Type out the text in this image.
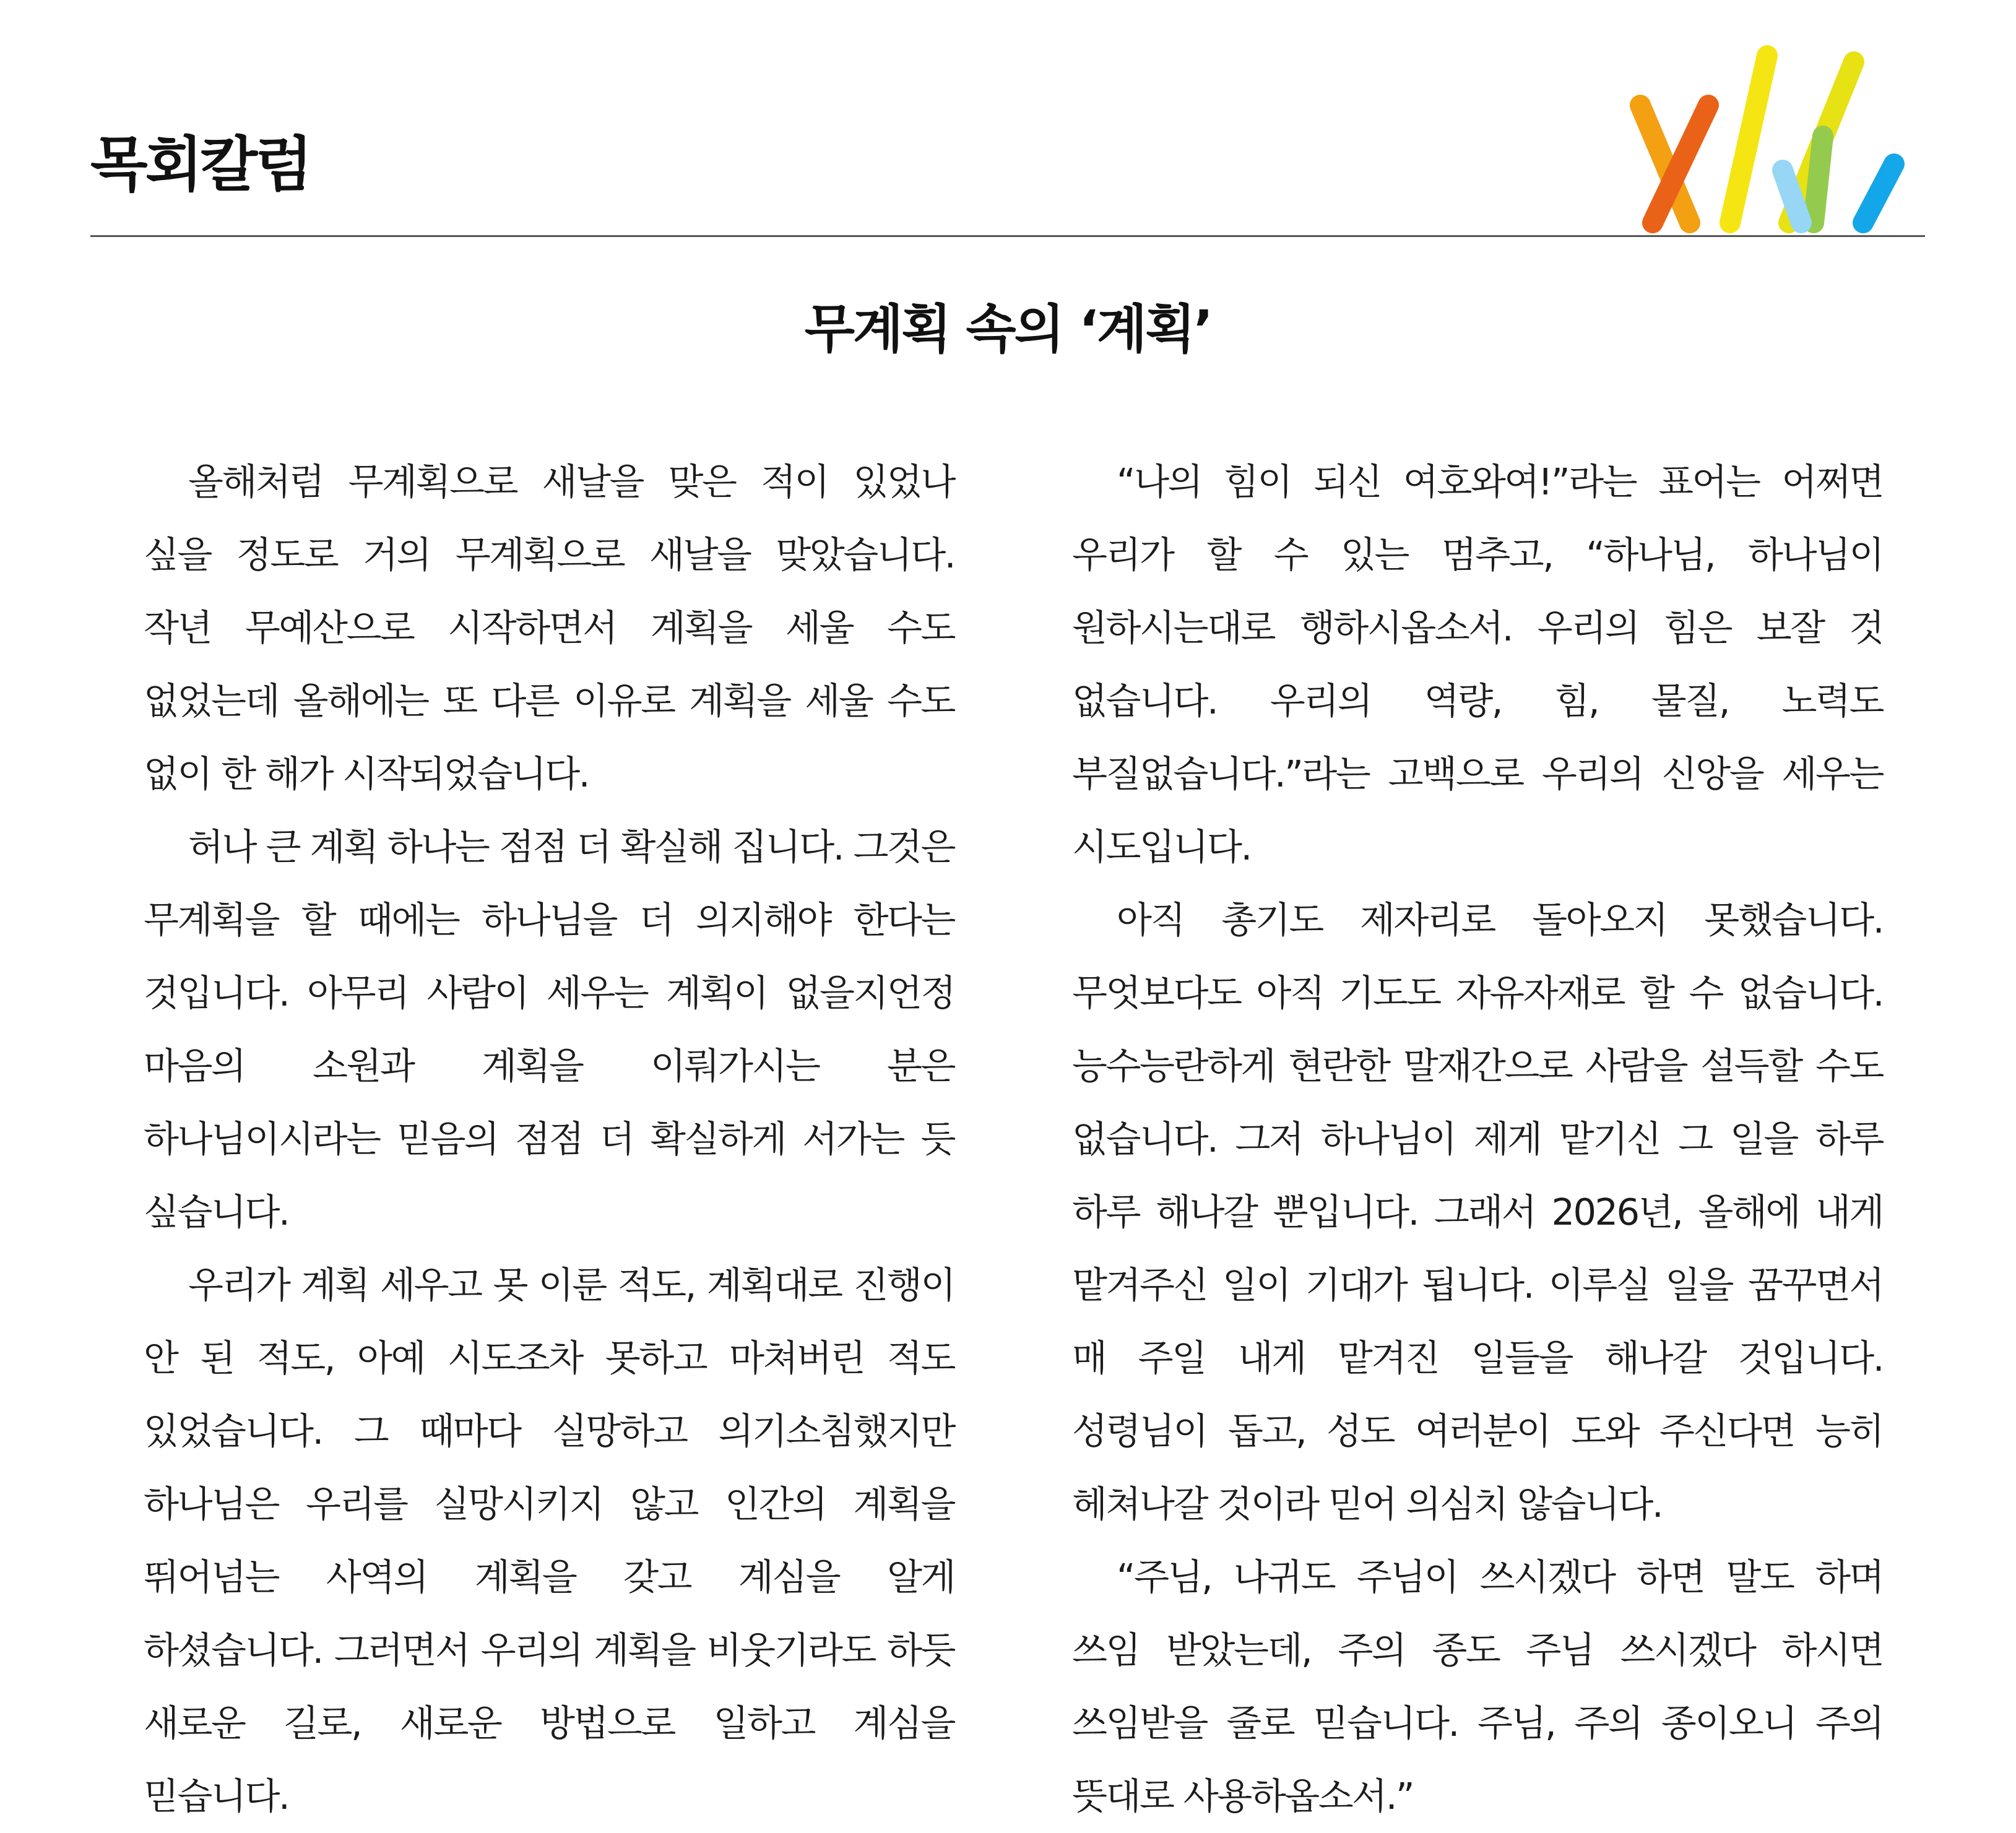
목회칼럼
무계획 속의 ‘계획’

올해처럼 무계획으로 새날을 맞은 적이 있었나 싶을 정도로 거의 무계획으로 새날을 맞았습니다. 작년 무예산으로 시작하면서 계획을 세울 수도 없었는데 올해에는 또 다른 이유로 계획을 세울 수도 없이 한 해가 시작되었습니다.

허나 큰 계획 하나는 점점 더 확실해 집니다. 그것은 무계획을 할 때에는 하나님을 더 의지해야 한다는 것입니다. 아무리 사람이 세우는 계획이 없을지언정 마음의 소원과 계획을 이뤄가시는 분은 하나님이시라는 믿음의 점점 더 확실하게 서가는 듯 싶습니다.

우리가 계획 세우고 못 이룬 적도, 계획대로 진행이 안 된 적도, 아예 시도조차 못하고 마쳐버린 적도 있었습니다. 그 때마다 실망하고 의기소침했지만 하나님은 우리를 실망시키지 않고 인간의 계획을 뛰어넘는 사역의 계획을 갖고 계심을 알게 하셨습니다. 그러면서 우리의 계획을 비웃기라도 하듯 새로운 길로, 새로운 방법으로 일하고 계심을 믿습니다.

“나의 힘이 되신 여호와여!”라는 표어는 어쩌면 우리가 할 수 있는 멈추고, “하나님, 하나님이 원하시는대로 행하시옵소서. 우리의 힘은 보잘 것 없습니다. 우리의 역량, 힘, 물질, 노력도 부질없습니다.”라는 고백으로 우리의 신앙을 세우는 시도입니다.

아직 총기도 제자리로 돌아오지 못했습니다. 무엇보다도 아직 기도도 자유자재로 할 수 없습니다. 능수능란하게 현란한 말재간으로 사람을 설득할 수도 없습니다. 그저 하나님이 제게 맡기신 그 일을 하루 하루 해나갈 뿐입니다. 그래서 2026년, 올해에 내게 맡겨주신 일이 기대가 됩니다. 이루실 일을 꿈꾸면서 매 주일 내게 맡겨진 일들을 해나갈 것입니다. 성령님이 돕고, 성도 여러분이 도와 주신다면 능히 헤쳐나갈 것이라 믿어 의심치 않습니다.

“주님, 나귀도 주님이 쓰시겠다 하면 말도 하며 쓰임 받았는데, 주의 종도 주님 쓰시겠다 하시면 쓰임받을 줄로 믿습니다. 주님, 주의 종이오니 주의 뜻대로 사용하옵소서.”
